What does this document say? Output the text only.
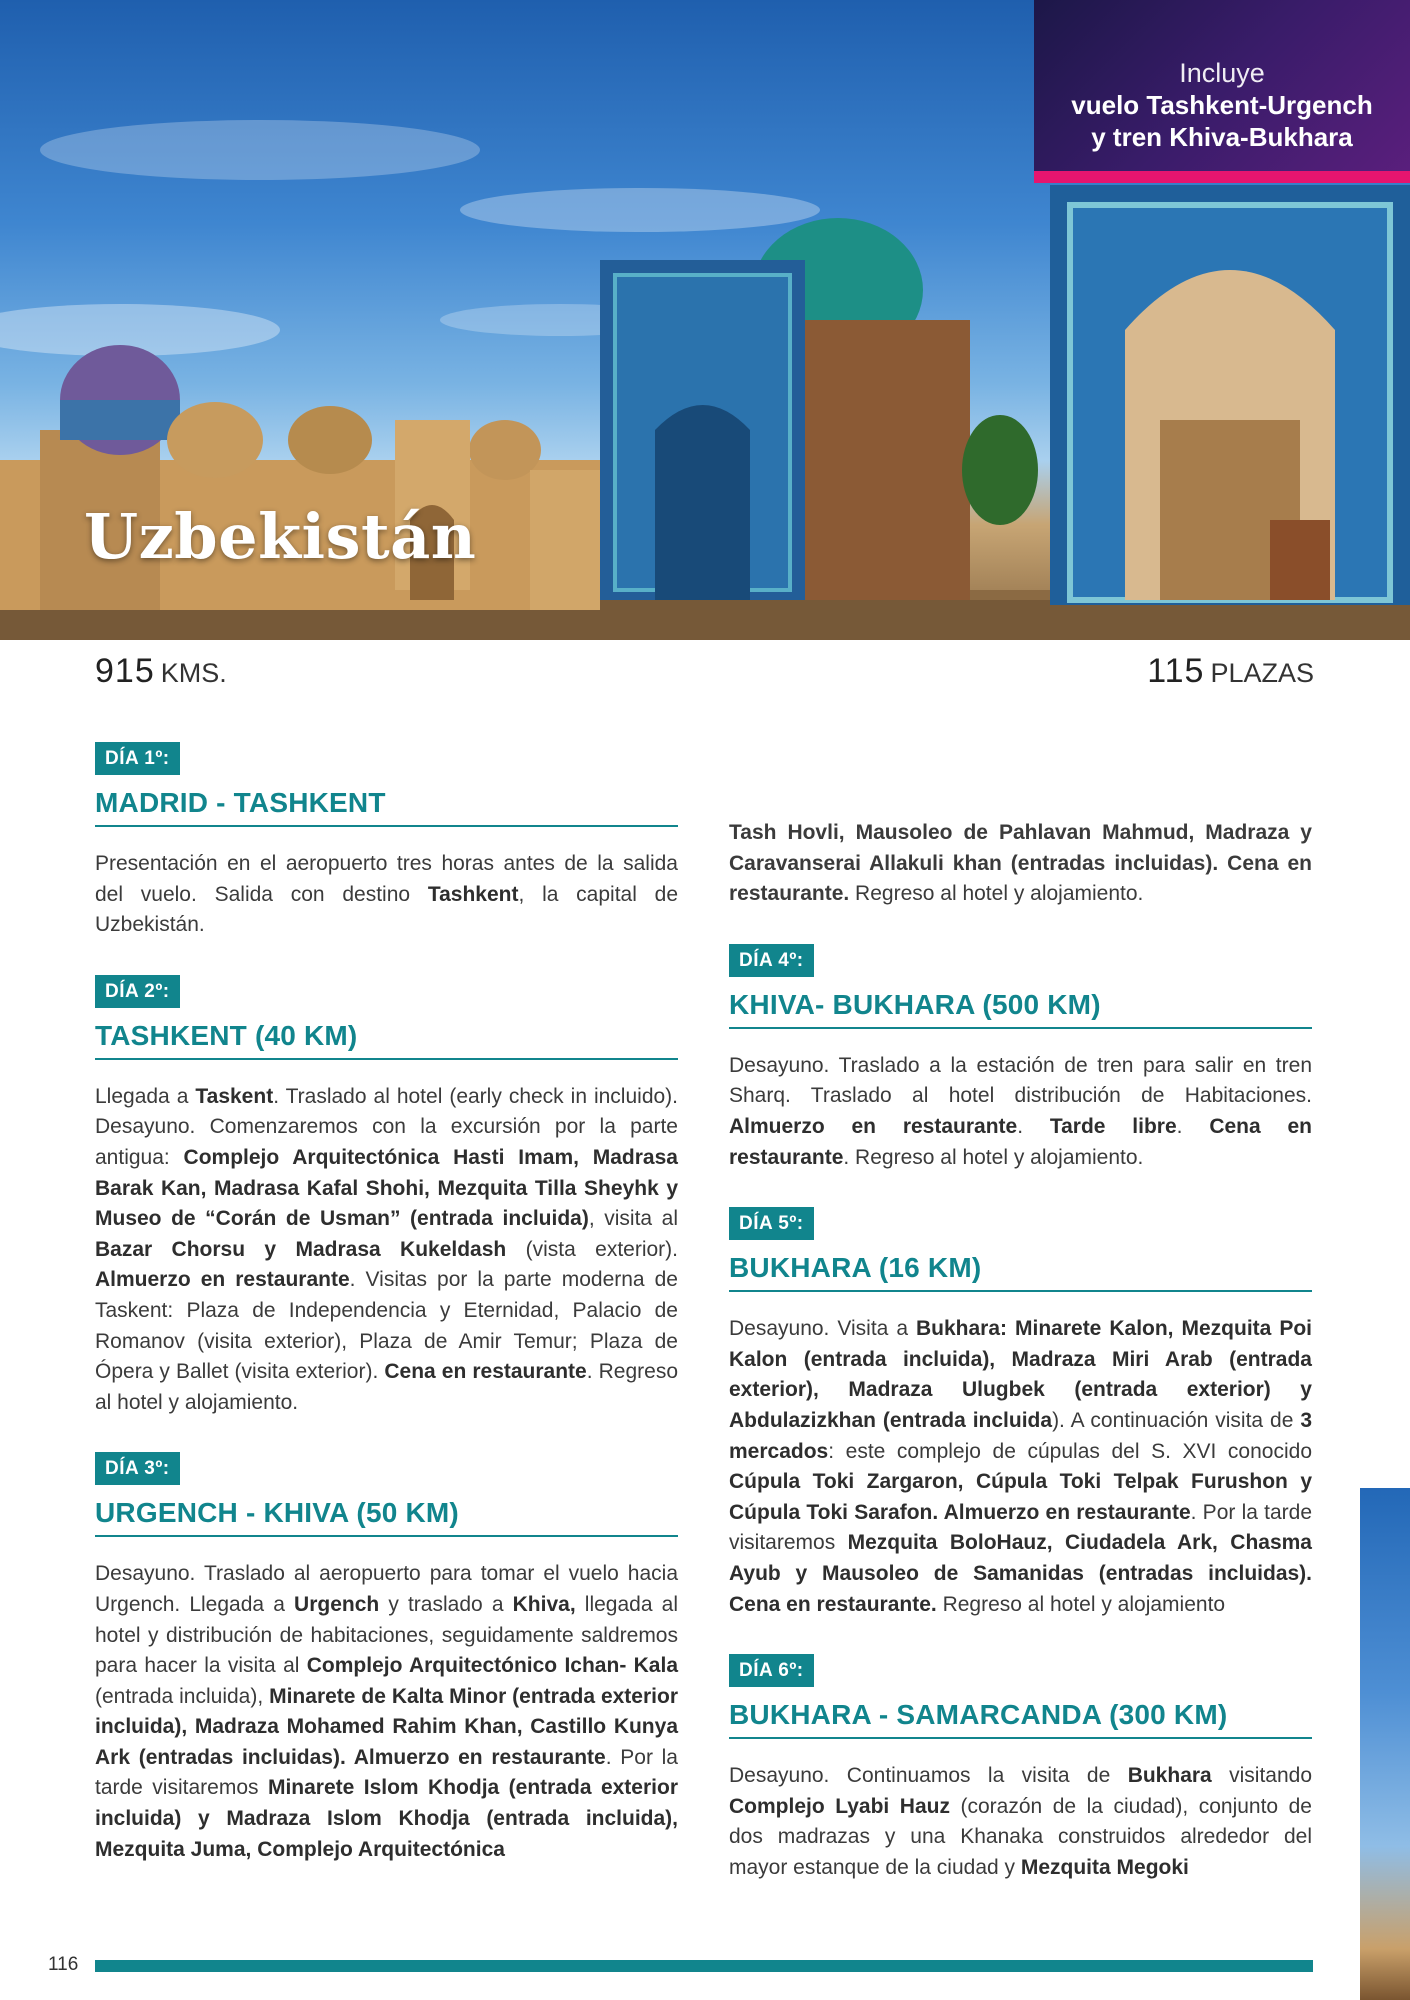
Uzbekistán
Incluye
vuelo Tashkent-Urgench
y tren Khiva-Bukhara
915 KMS.	115 PLAZAS
DÍA 1º:
MADRID - TASHKENT
Presentación en el aeropuerto tres horas antes de la salida del vuelo. Salida con destino Tashkent, la capital de Uzbekistán.
DÍA 2º:
TASHKENT (40 KM)
Llegada a Taskent. Traslado al hotel (early check in incluido). Desayuno. Comenzaremos con la excursión por la parte antigua: Complejo Arquitectónica Hasti Imam, Madrasa Barak Kan, Madrasa Kafal Shohi, Mezquita Tilla Sheyhk y Museo de “Corán de Usman” (entrada incluida), visita al Bazar Chorsu y Madrasa Kukeldash (vista exterior). Almuerzo en restaurante. Visitas por la parte moderna de Taskent: Plaza de Independencia y Eternidad, Palacio de Romanov (visita exterior), Plaza de Amir Temur; Plaza de Ópera y Ballet (visita exterior). Cena en restaurante. Regreso al hotel y alojamiento.
DÍA 3º:
URGENCH - KHIVA (50 KM)
Desayuno. Traslado al aeropuerto para tomar el vuelo hacia Urgench. Llegada a Urgench y traslado a Khiva, llegada al hotel y distribución de habitaciones, seguidamente saldremos para hacer la visita al Complejo Arquitectónico Ichan- Kala (entrada incluida), Minarete de Kalta Minor (entrada exterior incluida), Madraza Mohamed Rahim Khan, Castillo Kunya Ark (entradas incluidas). Almuerzo en restaurante. Por la tarde visitaremos Minarete Islom Khodja (entrada exterior incluida) y Madraza Islom Khodja (entrada incluida), Mezquita Juma, Complejo Arquitectónica
Tash Hovli, Mausoleo de Pahlavan Mahmud, Madraza y Caravanserai Allakuli khan (entradas incluidas). Cena en restaurante. Regreso al hotel y alojamiento.
DÍA 4º:
KHIVA- BUKHARA (500 KM)
Desayuno. Traslado a la estación de tren para salir en tren Sharq. Traslado al hotel distribución de Habitaciones. Almuerzo en restaurante. Tarde libre. Cena en restaurante. Regreso al hotel y alojamiento.
DÍA 5º:
BUKHARA (16 KM)
Desayuno. Visita a Bukhara: Minarete Kalon, Mezquita Poi Kalon (entrada incluida), Madraza Miri Arab (entrada exterior), Madraza Ulugbek (entrada exterior) y Abdulazizkhan (entrada incluida). A continuación visita de 3 mercados: este complejo de cúpulas del S. XVI conocido Cúpula Toki Zargaron, Cúpula Toki Telpak Furushon y Cúpula Toki Sarafon. Almuerzo en restaurante. Por la tarde visitaremos Mezquita BoloHauz, Ciudadela Ark, Chasma Ayub y Mausoleo de Samanidas (entradas incluidas). Cena en restaurante. Regreso al hotel y alojamiento
DÍA 6º:
BUKHARA - SAMARCANDA (300 KM)
Desayuno. Continuamos la visita de Bukhara visitando Complejo Lyabi Hauz (corazón de la ciudad), conjunto de dos madrazas y una Khanaka construidos alrededor del mayor estanque de la ciudad y Mezquita Megoki
116
